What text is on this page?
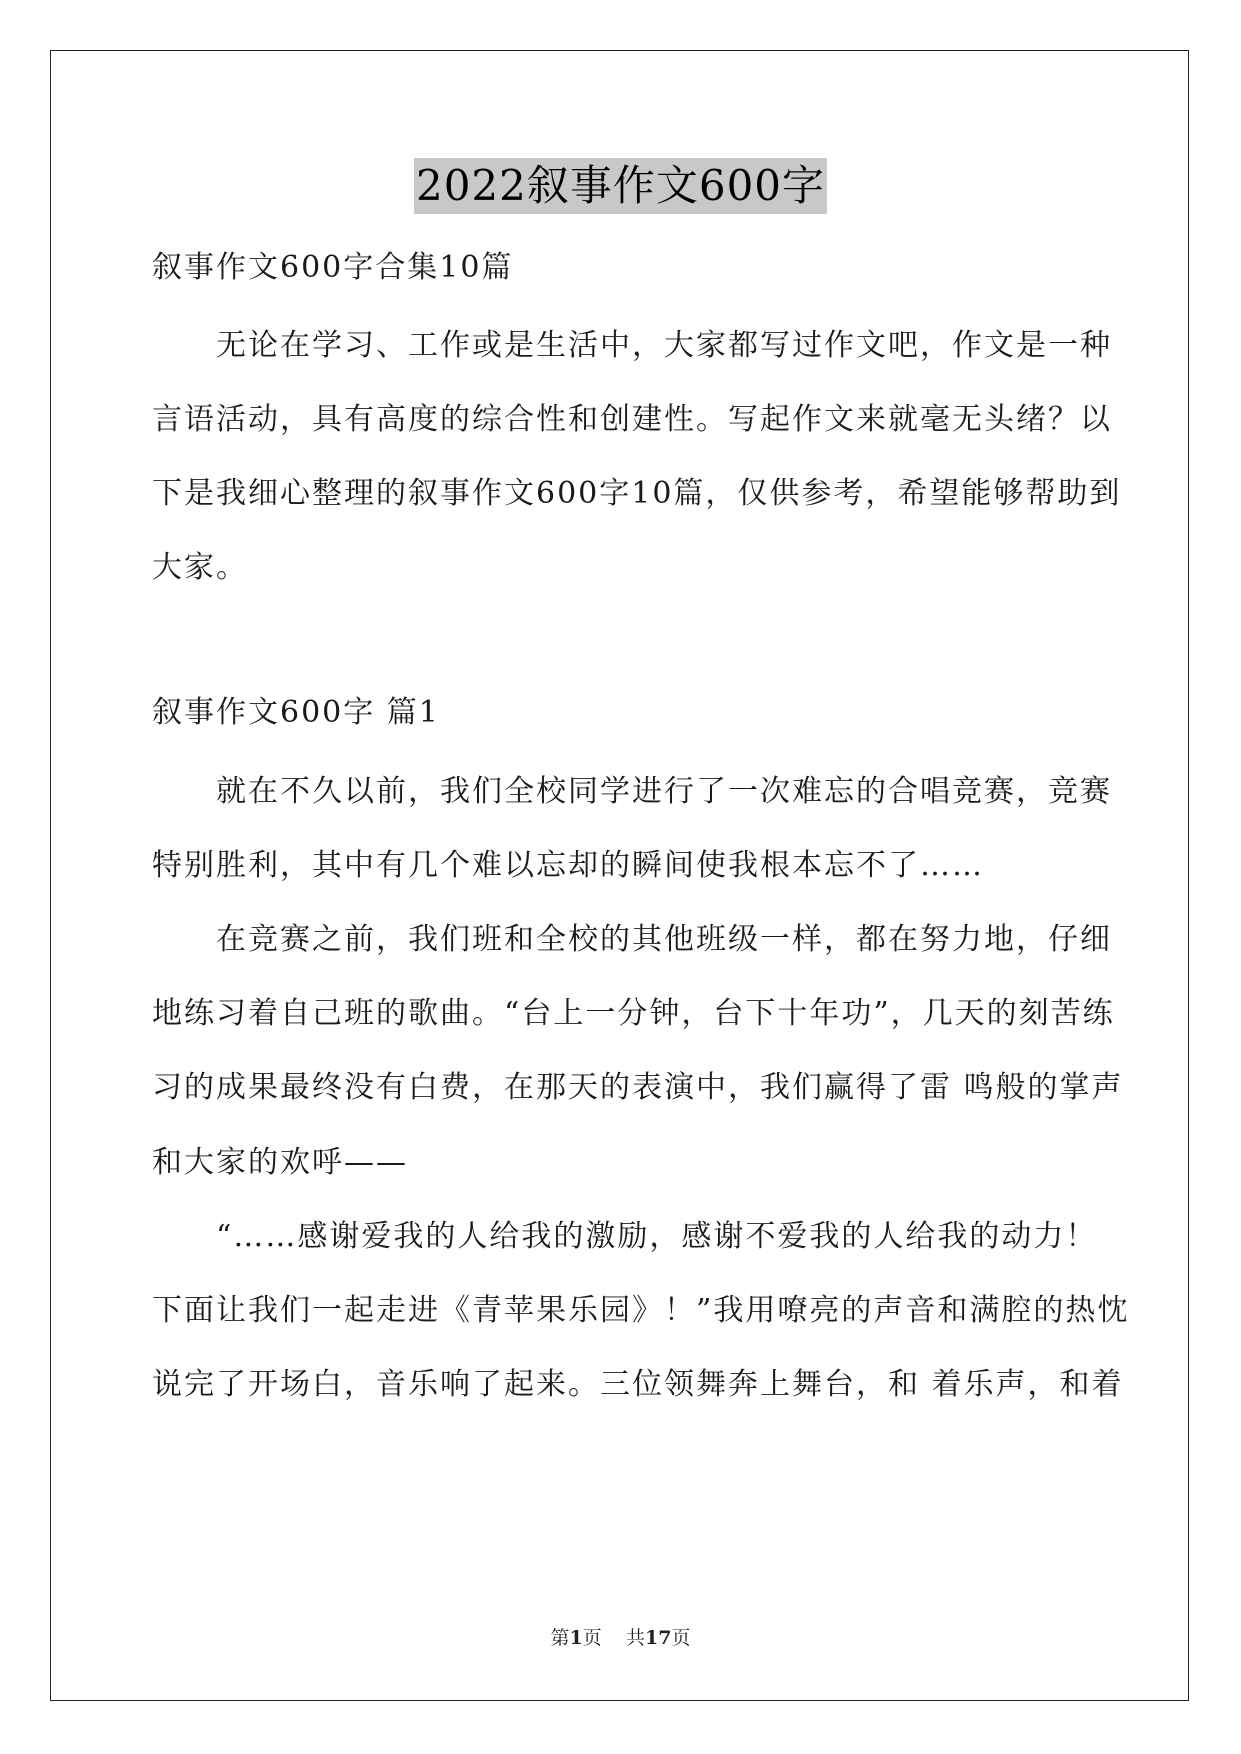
2022叙事作文600字
叙事作文600字合集10篇
　　无论在学习、工作或是生活中，大家都写过作文吧，作文是一种
言语活动，具有高度的综合性和创建性。写起作文来就毫无头绪？以
下是我细心整理的叙事作文600字10篇，仅供参考，希望能够帮助到
大家。
叙事作文600字 篇1
　　就在不久以前，我们全校同学进行了一次难忘的合唱竞赛，竞赛
特别胜利，其中有几个难以忘却的瞬间使我根本忘不了……
　　在竞赛之前，我们班和全校的其他班级一样，都在努力地，仔细
地练习着自己班的歌曲。“台上一分钟，台下十年功”，几天的刻苦练
习的成果最终没有白费，在那天的表演中，我们赢得了雷 鸣般的掌声
和大家的欢呼——
　　“……感谢爱我的人给我的激励，感谢不爱我的人给我的动力！
下面让我们一起走进《青苹果乐园》！”我用嘹亮的声音和满腔的热忱
说完了开场白，音乐响了起来。三位领舞奔上舞台，和 着乐声，和着
第1页 共17页
